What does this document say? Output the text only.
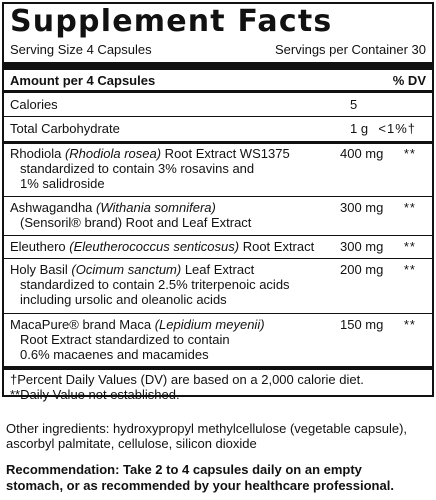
Supplement Facts
Serving Size 4 Capsules	Servings per Container 30
Amount per 4 Capsules	% DV
Calories	5
Total Carbohydrate	1 g <1%†
Rhodiola (Rhodiola rosea) Root Extract WS1375
standardized to contain 3% rosavins and
1% salidroside
400 mg **
Ashwagandha (Withania somnifera)
(Sensoril® brand) Root and Leaf Extract
300 mg **
Eleuthero (Eleutherococcus senticosus) Root Extract	300 mg **
Holy Basil (Ocimum sanctum) Leaf Extract
standardized to contain 2.5% triterpenoic acids
including ursolic and oleanolic acids
200 mg **
MacaPure® brand Maca (Lepidium meyenii)
Root Extract standardized to contain
0.6% macaenes and macamides
150 mg **
†Percent Daily Values (DV) are based on a 2,000 calorie diet.
**Daily Value not established.
Other ingredients: hydroxypropyl methylcellulose (vegetable capsule),
ascorbyl palmitate, cellulose, silicon dioxide
Recommendation: Take 2 to 4 capsules daily on an empty
stomach, or as recommended by your healthcare professional.
